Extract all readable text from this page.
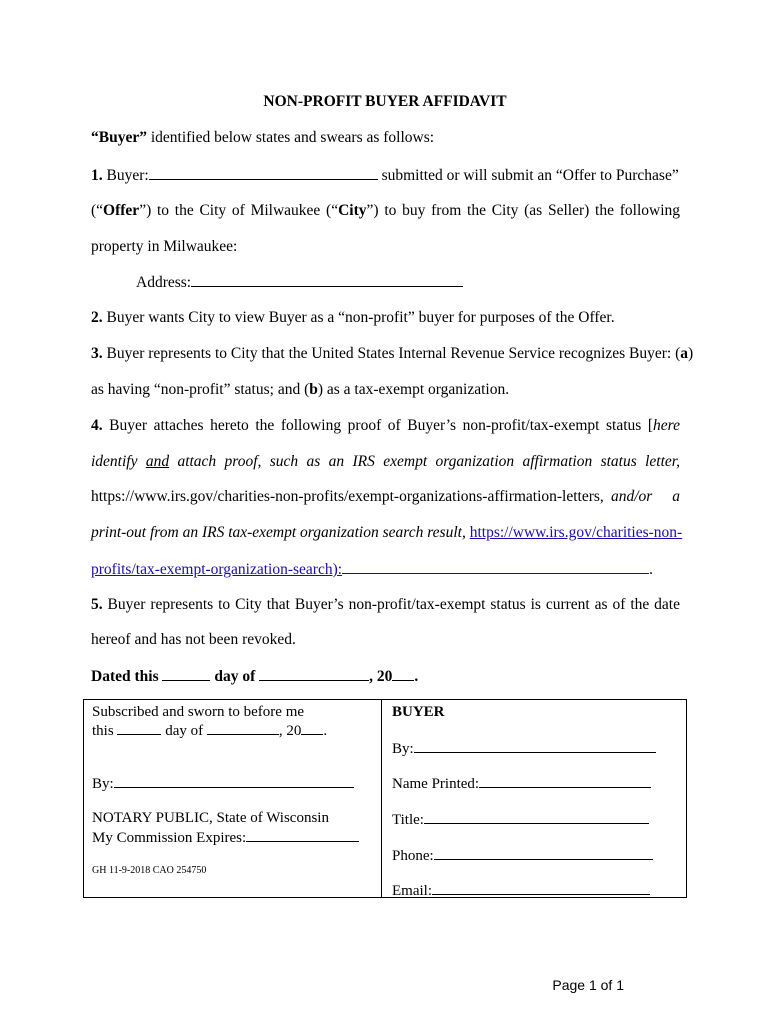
NON-PROFIT BUYER AFFIDAVIT
“Buyer” identified below states and swears as follows:
1. Buyer:	submitted or will submit an “Offer to Purchase”
(“Offer”) to the City of Milwaukee (“City”) to buy from the City (as Seller) the following
property in Milwaukee:
Address:
2. Buyer wants City to view Buyer as a “non-profit” buyer for purposes of the Offer.
3. Buyer represents to City that the United States Internal Revenue Service recognizes Buyer: (a)
as having “non-profit” status; and (b) as a tax-exempt organization.
4. Buyer attaches hereto the following proof of Buyer’s non-profit/tax-exempt status [here
identify and attach proof, such as an IRS exempt organization affirmation status letter,
https://www.irs.gov/charities-non-profits/exempt-organizations-affirmation-letters, and/or a
print-out from an IRS tax-exempt organization search result, https://www.irs.gov/charities-non-
profits/tax-exempt-organization-search):	.
5. Buyer represents to City that Buyer’s non-profit/tax-exempt status is current as of the date
hereof and has not been revoked.
Dated this	day of	, 20 .
Subscribed and sworn to before me
this	day of	, 20 .
By:
NOTARY PUBLIC, State of Wisconsin
My Commission Expires:
GH 11-9-2018 CAO 254750
BUYER
By:
Name Printed:
Title:
Phone:
Email:
Page 1 of 1
